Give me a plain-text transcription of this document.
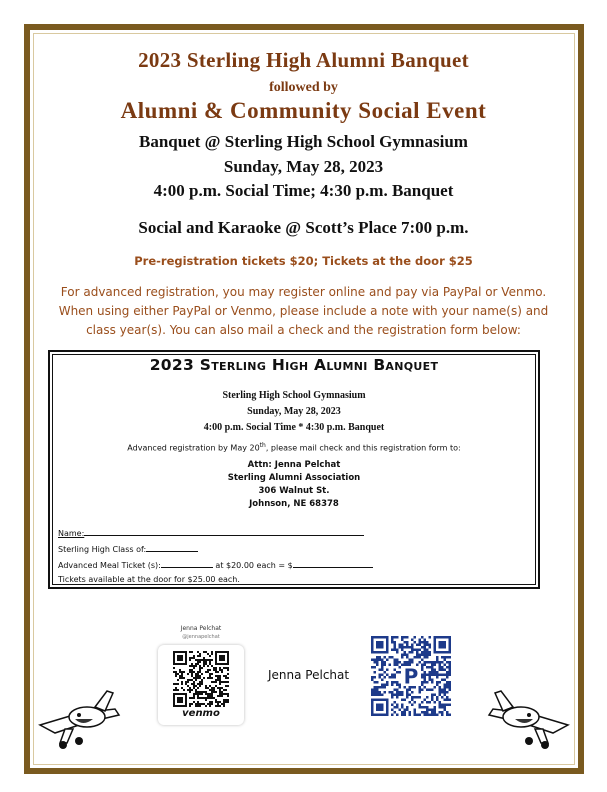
2023 Sterling High Alumni Banquet
followed by
Alumni & Community Social Event
Banquet @ Sterling High School Gymnasium
Sunday, May 28, 2023
4:00 p.m. Social Time; 4:30 p.m. Banquet
Social and Karaoke @ Scott’s Place 7:00 p.m.
Pre-registration tickets $20; Tickets at the door $25
For advanced registration, you may register online and pay via PayPal or Venmo.
When using either PayPal or Venmo, please include a note with your name(s) and
class year(s). You can also mail a check and the registration form below:
2023 Sterling High Alumni Banquet
Sterling High School Gymnasium
Sunday, May 28, 2023
4:00 p.m. Social Time * 4:30 p.m. Banquet
Advanced registration by May 20th, please mail check and this registration form to:
Attn: Jenna Pelchat
Sterling Alumni Association
306 Walnut St.
Johnson, NE 68378
Name:
Sterling High Class of:
Advanced Meal Ticket (s):	at $20.00 each = $
Tickets available at the door for $25.00 each.
Jenna Pelchat
@jennapelchat
venmo
Jenna Pelchat	P
